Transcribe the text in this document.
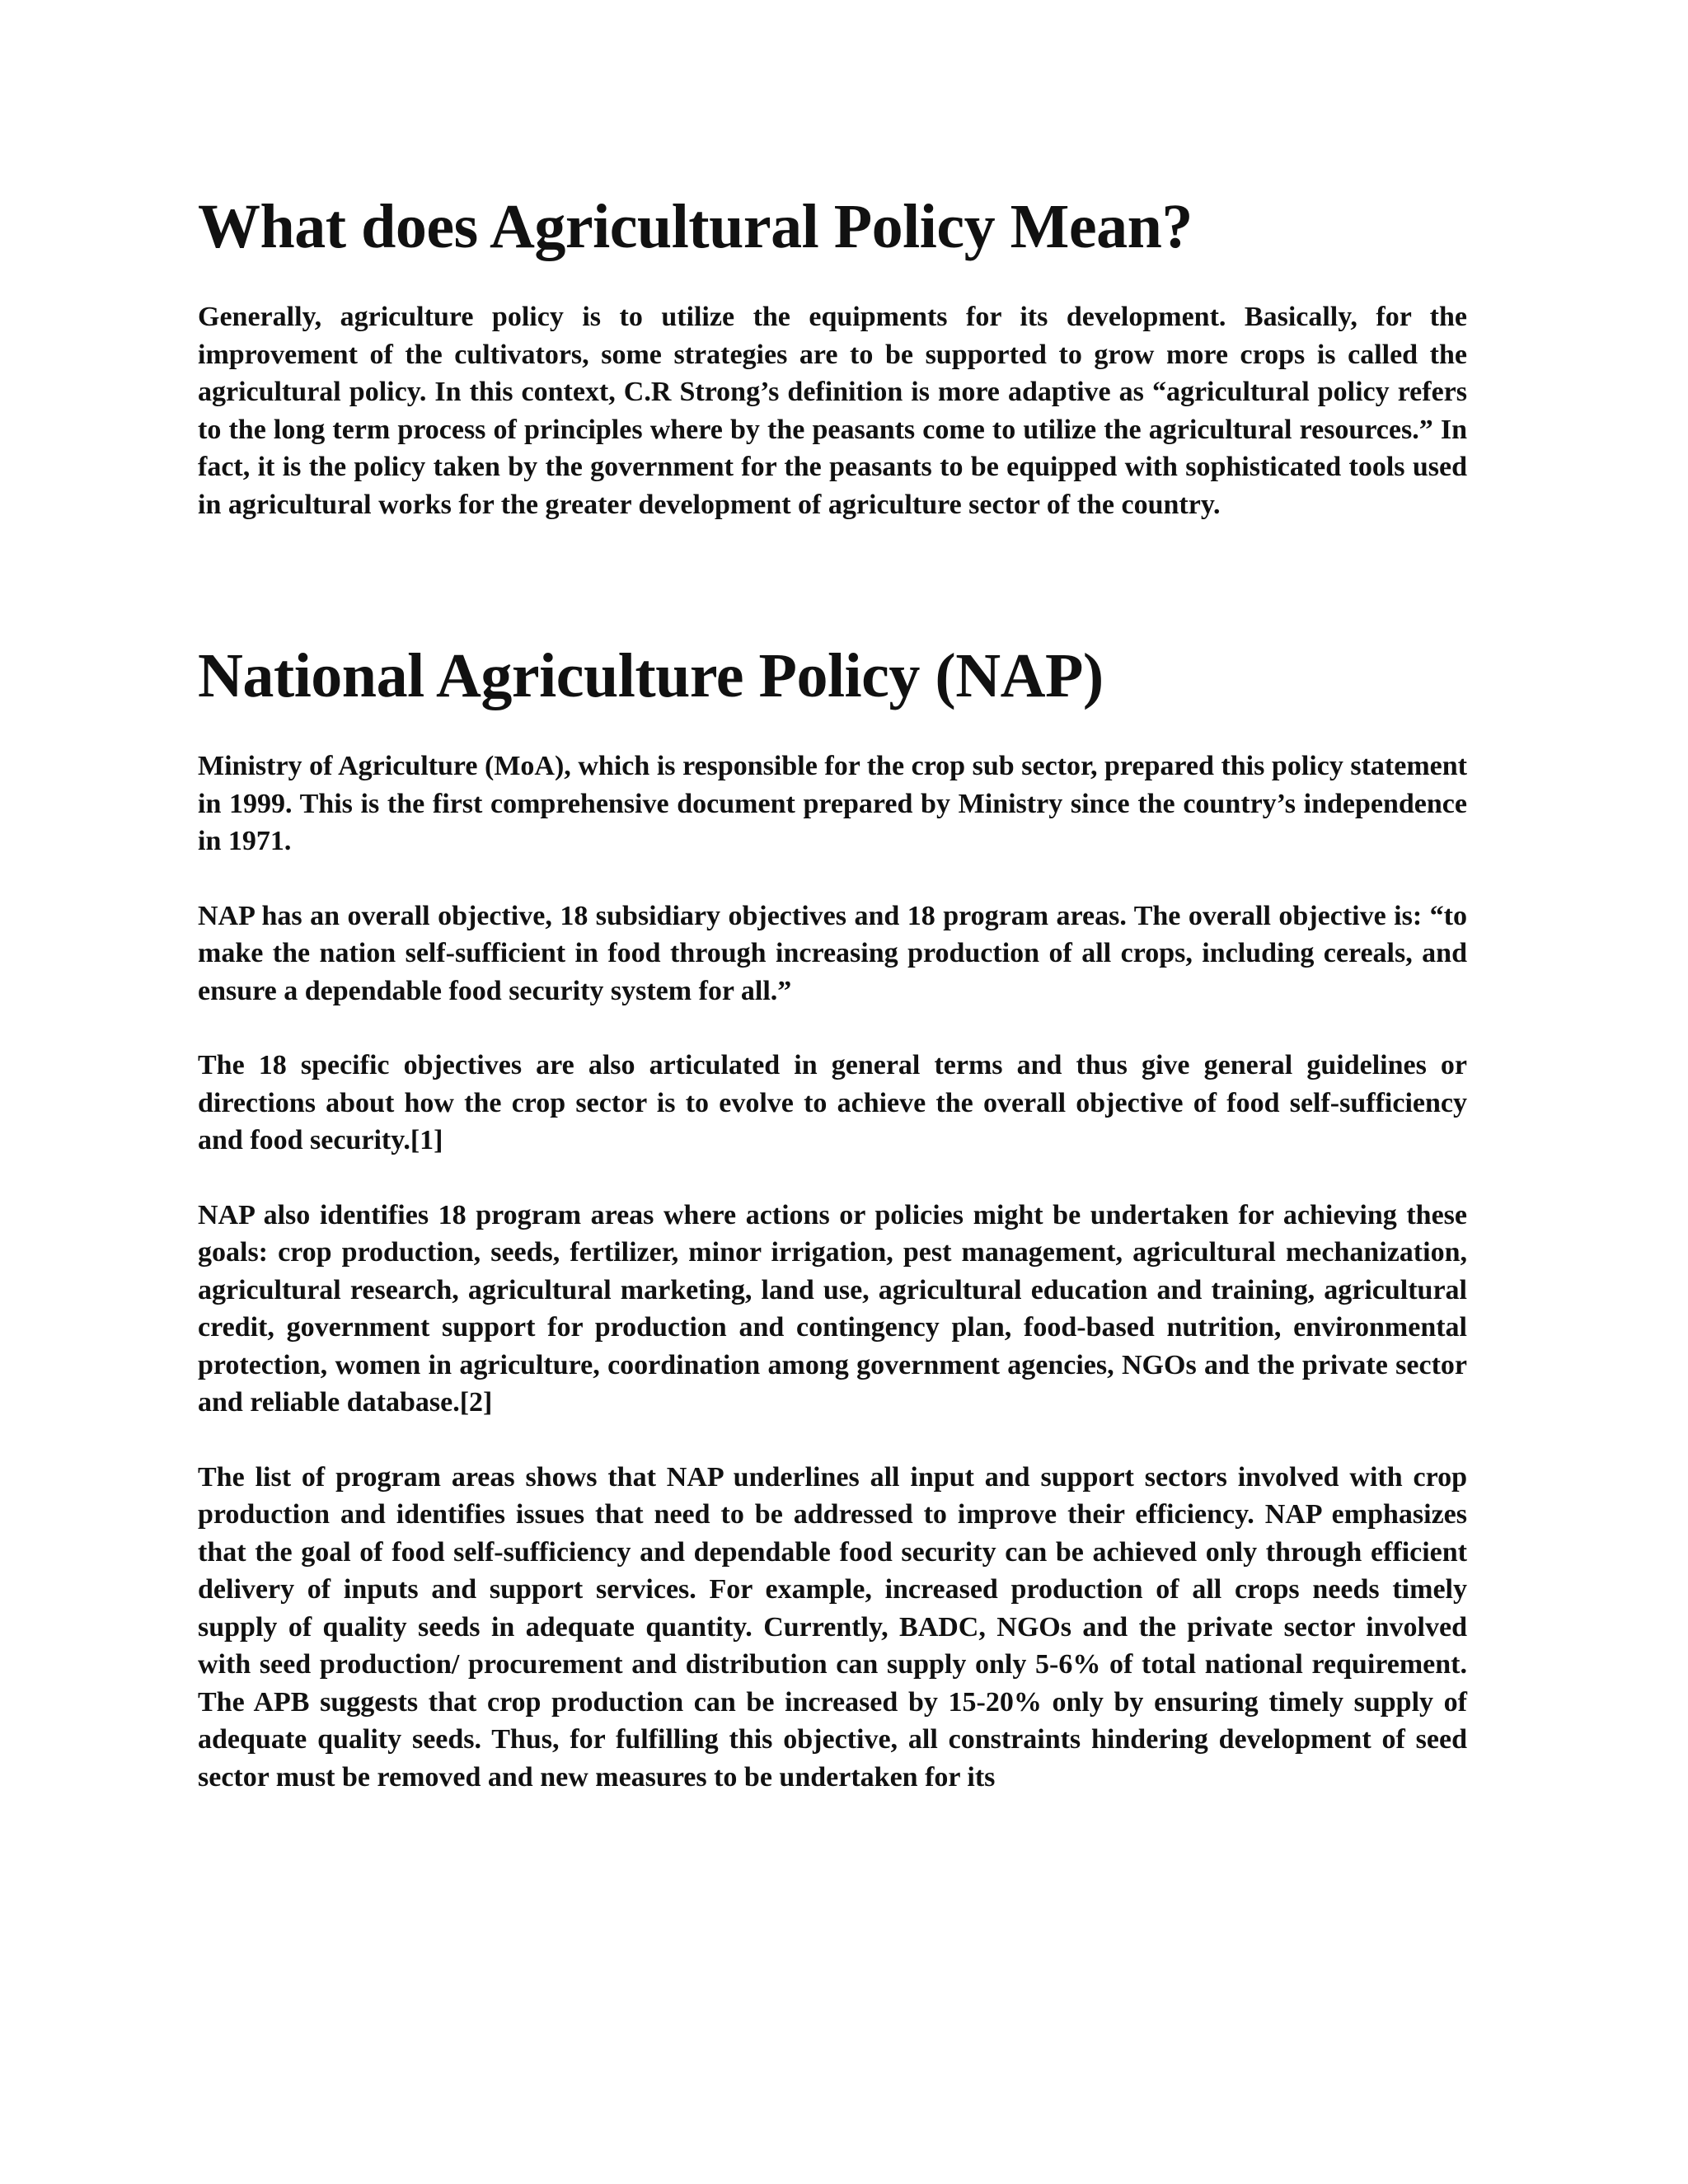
What does Agricultural Policy Mean?

Generally, agriculture policy is to utilize the equipments for its development. Basically, for the improvement of the cultivators, some strategies are to be supported to grow more crops is called the agricultural policy. In this context, C.R Strong’s definition is more adaptive as “agricultural policy refers to the long term process of principles where by the peasants come to utilize the agricultural resources.” In fact, it is the policy taken by the government for the peasants to be equipped with sophisticated tools used in agricultural works for the greater development of agriculture sector of the country.

National Agriculture Policy (NAP)

Ministry of Agriculture (MoA), which is responsible for the crop sub sector, prepared this policy statement in 1999. This is the first comprehensive document prepared by Ministry since the country’s independence in 1971.

NAP has an overall objective, 18 subsidiary objectives and 18 program areas. The overall objective is: “to make the nation self-sufficient in food through increasing production of all crops, including cereals, and ensure a dependable food security system for all.”

The 18 specific objectives are also articulated in general terms and thus give general guidelines or directions about how the crop sector is to evolve to achieve the overall objective of food self-sufficiency and food security.[1]

NAP also identifies 18 program areas where actions or policies might be undertaken for achieving these goals: crop production, seeds, fertilizer, minor irrigation, pest management, agricultural mechanization, agricultural research, agricultural marketing, land use, agricultural education and training, agricultural credit, government support for production and contingency plan, food-based nutrition, environmental protection, women in agriculture, coordination among government agencies, NGOs and the private sector and reliable database.[2]

The list of program areas shows that NAP underlines all input and support sectors involved with crop production and identifies issues that need to be addressed to improve their efficiency. NAP emphasizes that the goal of food self-sufficiency and dependable food security can be achieved only through efficient delivery of inputs and support services. For example, increased production of all crops needs timely supply of quality seeds in adequate quantity. Currently, BADC, NGOs and the private sector involved with seed production/ procurement and distribution can supply only 5-6% of total national requirement. The APB suggests that crop production can be increased by 15-20% only by ensuring timely supply of adequate quality seeds. Thus, for fulfilling this objective, all constraints hindering development of seed sector must be removed and new measures to be undertaken for its
